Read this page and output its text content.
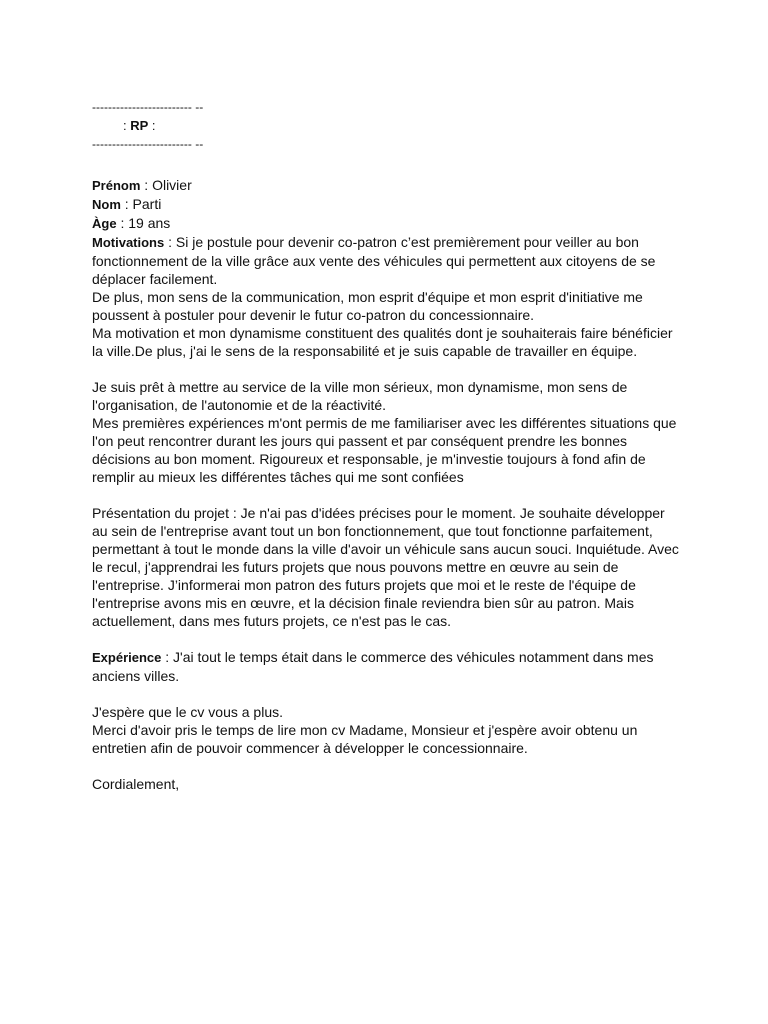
------------------------- --
: RP :
------------------------- --

Prénom : Olivier

Nom : Parti

Àge : 19 ans

Motivations : Si je postule pour devenir co-patron c’est premièrement pour veiller au bon fonctionnement de la ville grâce aux vente des véhicules qui permettent aux citoyens de se déplacer facilement.

De plus, mon sens de la communication, mon esprit d'équipe et mon esprit d'initiative me poussent à postuler pour devenir le futur co-patron du concessionnaire.

Ma motivation et mon dynamisme constituent des qualités dont je souhaiterais faire bénéficier la ville.De plus, j'ai le sens de la responsabilité et je suis capable de travailler en équipe.

Je suis prêt à mettre au service de la ville mon sérieux, mon dynamisme, mon sens de l'organisation, de l'autonomie et de la réactivité.

Mes premières expériences m'ont permis de me familiariser avec les différentes situations que l'on peut rencontrer durant les jours qui passent et par conséquent prendre les bonnes décisions au bon moment. Rigoureux et responsable, je m'investie toujours à fond afin de remplir au mieux les différentes tâches qui me sont confiées

Présentation du projet : Je n'ai pas d'idées précises pour le moment. Je souhaite développer au sein de l'entreprise avant tout un bon fonctionnement, que tout fonctionne parfaitement, permettant à tout le monde dans la ville d'avoir un véhicule sans aucun souci. Inquiétude. Avec le recul, j'apprendrai les futurs projets que nous pouvons mettre en œuvre au sein de l'entreprise. J’informerai mon patron des futurs projets que moi et le reste de l'équipe de l'entreprise avons mis en œuvre, et la décision finale reviendra bien sûr au patron. Mais actuellement, dans mes futurs projets, ce n'est pas le cas.

Expérience : J'ai tout le temps était dans le commerce des véhicules notamment dans mes anciens villes.

J'espère que le cv vous a plus.

Merci d'avoir pris le temps de lire mon cv Madame, Monsieur et j'espère avoir obtenu un entretien afin de pouvoir commencer à développer le concessionnaire.

Cordialement,
